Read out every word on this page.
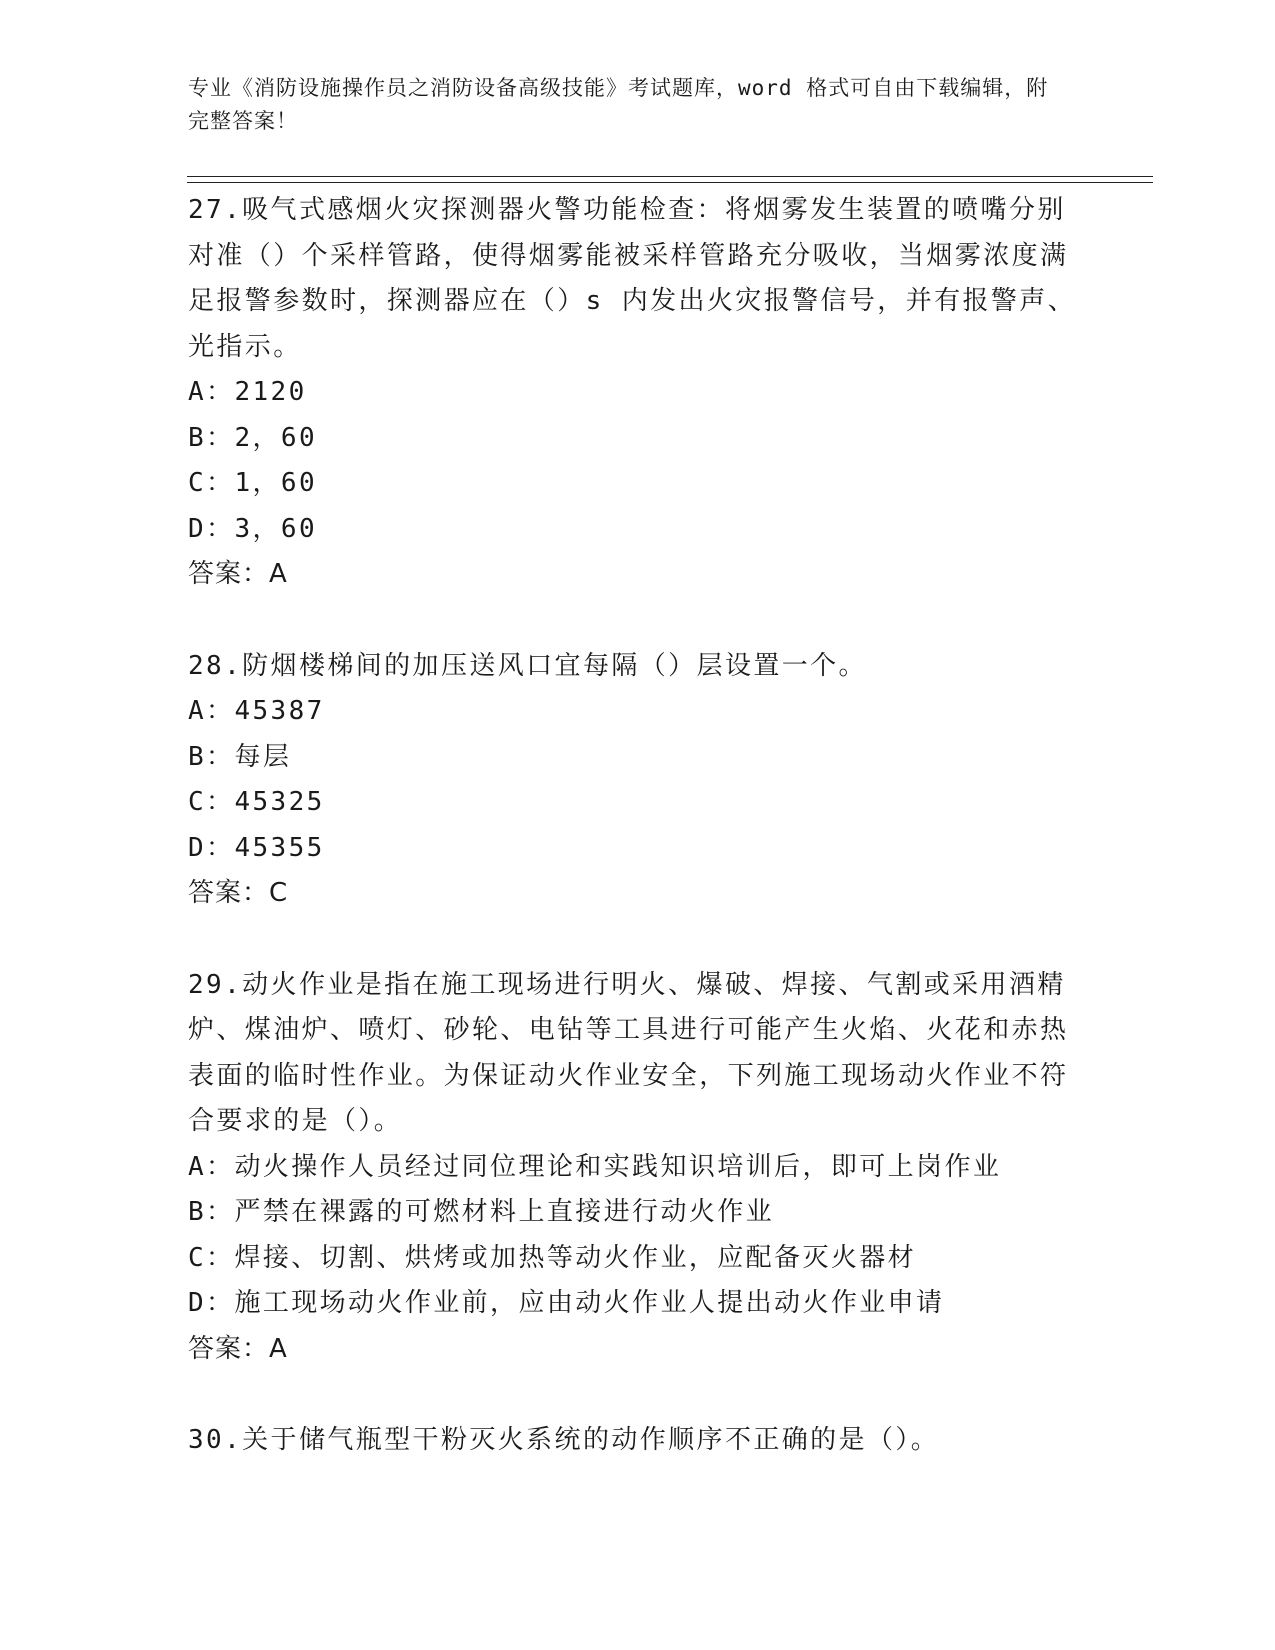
专业《消防设施操作员之消防设备高级技能》考试题库，word 格式可自由下载编辑，附完整答案！

27.吸气式感烟火灾探测器火警功能检查：将烟雾发生装置的喷嘴分别对准（）个采样管路，使得烟雾能被采样管路充分吸收，当烟雾浓度满足报警参数时，探测器应在（）s 内发出火灾报警信号，并有报警声、光指示。

A：2120

B：2，60

C：1，60

D：3，60

答案：A

28.防烟楼梯间的加压送风口宜每隔（）层设置一个。

A：45387

B：每层

C：45325

D：45355

答案：C

29.动火作业是指在施工现场进行明火、爆破、焊接、气割或采用酒精炉、煤油炉、喷灯、砂轮、电钻等工具进行可能产生火焰、火花和赤热表面的临时性作业。为保证动火作业安全，下列施工现场动火作业不符合要求的是（）。

A：动火操作人员经过同位理论和实践知识培训后，即可上岗作业

B：严禁在裸露的可燃材料上直接进行动火作业

C：焊接、切割、烘烤或加热等动火作业，应配备灭火器材

D：施工现场动火作业前，应由动火作业人提出动火作业申请

答案：A

30.关于储气瓶型干粉灭火系统的动作顺序不正确的是（）。
